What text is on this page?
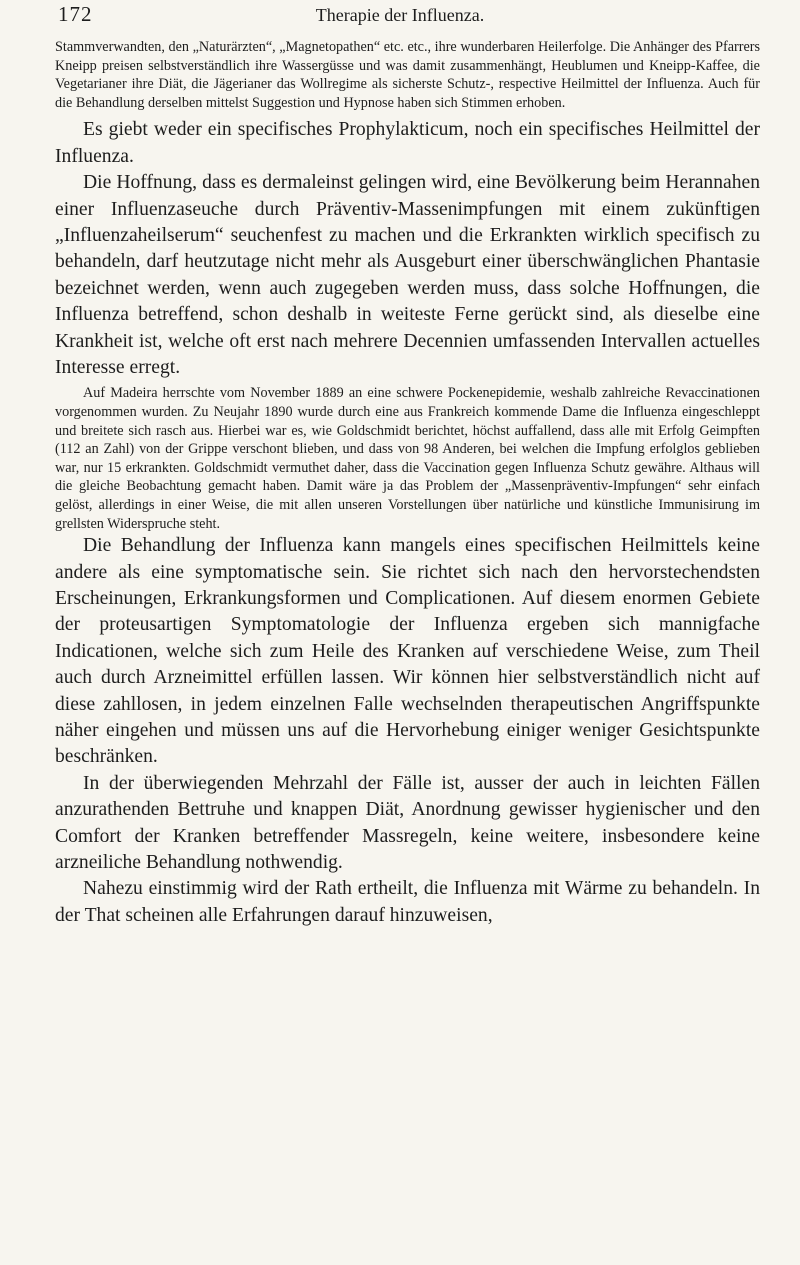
172	Therapie der Influenza.

Stammverwandten, den „Naturärzten“, „Magnetopathen“ etc. etc., ihre wunderbaren Heilerfolge. Die Anhänger des Pfarrers Kneipp preisen selbstverständlich ihre Wassergüsse und was damit zusammenhängt, Heublumen und Kneipp-Kaffee, die Vegetarianer ihre Diät, die Jägerianer das Wollregime als sicherste Schutz-, respective Heilmittel der Influenza. Auch für die Behandlung derselben mittelst Suggestion und Hypnose haben sich Stimmen erhoben.

Es giebt weder ein specifisches Prophylakticum, noch ein specifisches Heilmittel der Influenza.

Die Hoffnung, dass es dermaleinst gelingen wird, eine Bevölkerung beim Herannahen einer Influenzaseuche durch Präventiv-Massenimpfungen mit einem zukünftigen „Influenzaheilserum“ seuchenfest zu machen und die Erkrankten wirklich specifisch zu behandeln, darf heutzutage nicht mehr als Ausgeburt einer überschwänglichen Phantasie bezeichnet werden, wenn auch zugegeben werden muss, dass solche Hoffnungen, die Influenza betreffend, schon deshalb in weiteste Ferne gerückt sind, als dieselbe eine Krankheit ist, welche oft erst nach mehrere Decennien umfassenden Intervallen actuelles Interesse erregt.

Auf Madeira herrschte vom November 1889 an eine schwere Pockenepidemie, weshalb zahlreiche Revaccinationen vorgenommen wurden. Zu Neujahr 1890 wurde durch eine aus Frankreich kommende Dame die Influenza eingeschleppt und breitete sich rasch aus. Hierbei war es, wie Goldschmidt berichtet, höchst auffallend, dass alle mit Erfolg Geimpften (112 an Zahl) von der Grippe verschont blieben, und dass von 98 Anderen, bei welchen die Impfung erfolglos geblieben war, nur 15 erkrankten. Goldschmidt vermuthet daher, dass die Vaccination gegen Influenza Schutz gewähre. Althaus will die gleiche Beobachtung gemacht haben. Damit wäre ja das Problem der „Massenpräventiv-Impfungen“ sehr einfach gelöst, allerdings in einer Weise, die mit allen unseren Vorstellungen über natürliche und künstliche Immunisirung im grellsten Widerspruche steht.

Die Behandlung der Influenza kann mangels eines specifischen Heilmittels keine andere als eine symptomatische sein. Sie richtet sich nach den hervorstechendsten Erscheinungen, Erkrankungsformen und Complicationen. Auf diesem enormen Gebiete der proteusartigen Symptomatologie der Influenza ergeben sich mannigfache Indicationen, welche sich zum Heile des Kranken auf verschiedene Weise, zum Theil auch durch Arzneimittel erfüllen lassen. Wir können hier selbstverständlich nicht auf diese zahllosen, in jedem einzelnen Falle wechselnden therapeutischen Angriffspunkte näher eingehen und müssen uns auf die Hervorhebung einiger weniger Gesichtspunkte beschränken.

In der überwiegenden Mehrzahl der Fälle ist, ausser der auch in leichten Fällen anzurathenden Bettruhe und knappen Diät, Anordnung gewisser hygienischer und den Comfort der Kranken betreffender Massregeln, keine weitere, insbesondere keine arzneiliche Behandlung nothwendig.

Nahezu einstimmig wird der Rath ertheilt, die Influenza mit Wärme zu behandeln. In der That scheinen alle Erfahrungen darauf hinzuweisen,
